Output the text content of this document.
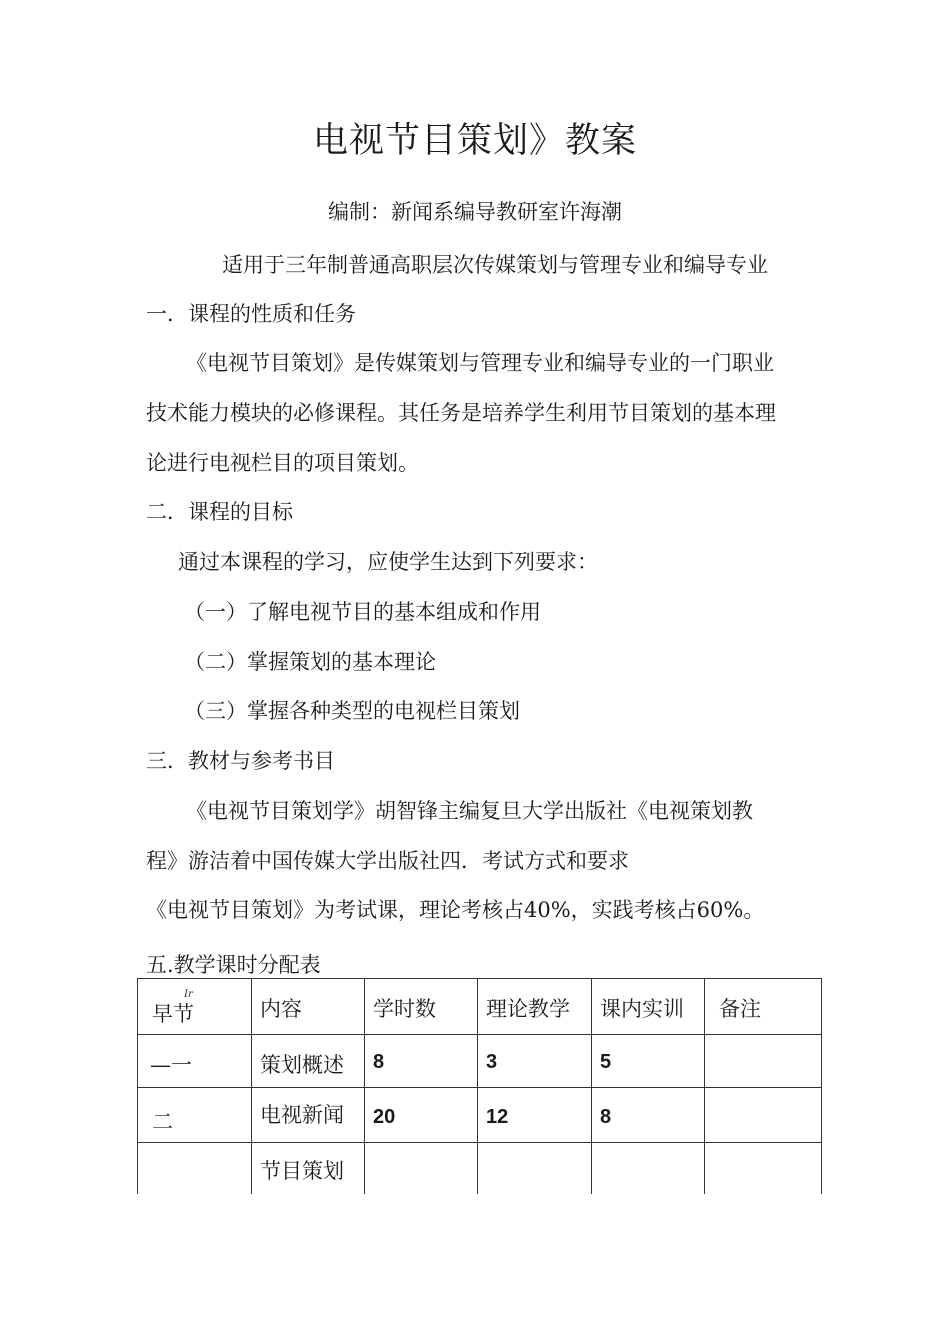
电视节目策划》教案
编制：新闻系编导教研室许海潮
适用于三年制普通高职层次传媒策划与管理专业和编导专业
一．课程的性质和任务
《电视节目策划》是传媒策划与管理专业和编导专业的一门职业
技术能力模块的必修课程。其任务是培养学生利用节目策划的基本理
论进行电视栏目的项目策划。
二．课程的目标
通过本课程的学习，应使学生达到下列要求：
（一）了解电视节目的基本组成和作用
（二）掌握策划的基本理论
（三）掌握各种类型的电视栏目策划
三．教材与参考书目
《电视节目策划学》胡智锋主编复旦大学出版社《电视策划教
程》游洁着中国传媒大学出版社四．考试方式和要求
《电视节目策划》为考试课，理论考核占40%，实践考核占60%。
五.教学课时分配表
Ir
早节	内容	学时数	理论教学	课内实训	备注
—一	策划概述	8	3	5	
二	电视新闻	20	12	8	
	节目策划				
